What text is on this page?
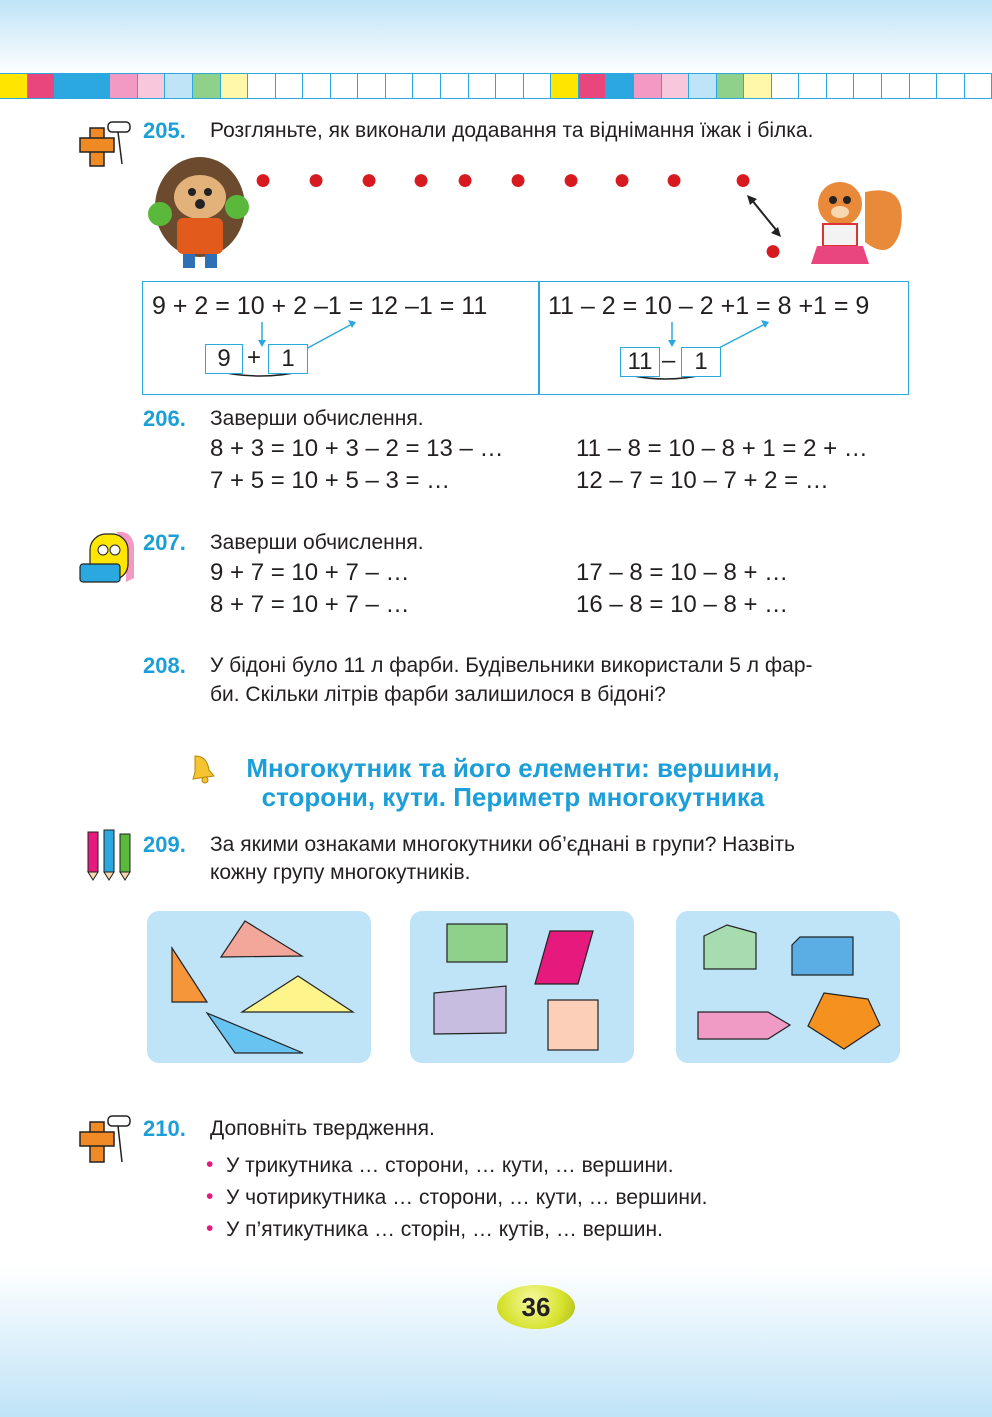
205. Розгляньте, як виконали додавання та віднімання їжак і білка.
● ● ● ● ● ● ● ● ● ●
●
9 + 2 = 10 + 2 –1 = 12 –1 = 11 11 – 2 = 10 – 2 +1 = 8 +1 = 9
9 + 1	11 – 1
206. Заверши обчислення.
8 + 3 = 10 + 3 – 2 = 13 – …
7 + 5 = 10 + 5 – 3 = …
11 – 8 = 10 – 8 + 1 = 2 + …
12 – 7 = 10 – 7 + 2 = …
207. Заверши обчислення.
9 + 7 = 10 + 7 – …
8 + 7 = 10 + 7 – …
17 – 8 = 10 – 8 + …
16 – 8 = 10 – 8 + …
208. У бідоні було 11 л фарби. Будівельники використали 5 л фар-
би. Скільки літрів фарби залишилося в бідоні?
Многокутник та його елементи: вершини,
сторони, кути. Периметр многокутника
209. За якими ознаками многокутники об’єднані в групи? Назвіть
кожну групу многокутників.
210. Доповніть твердження.
• У трикутника … сторони, … кути, … вершини.
• У чотирикутника … сторони, … кути, … вершини.
• У п’ятикутника … сторін, … кутів, … вершин.
36
